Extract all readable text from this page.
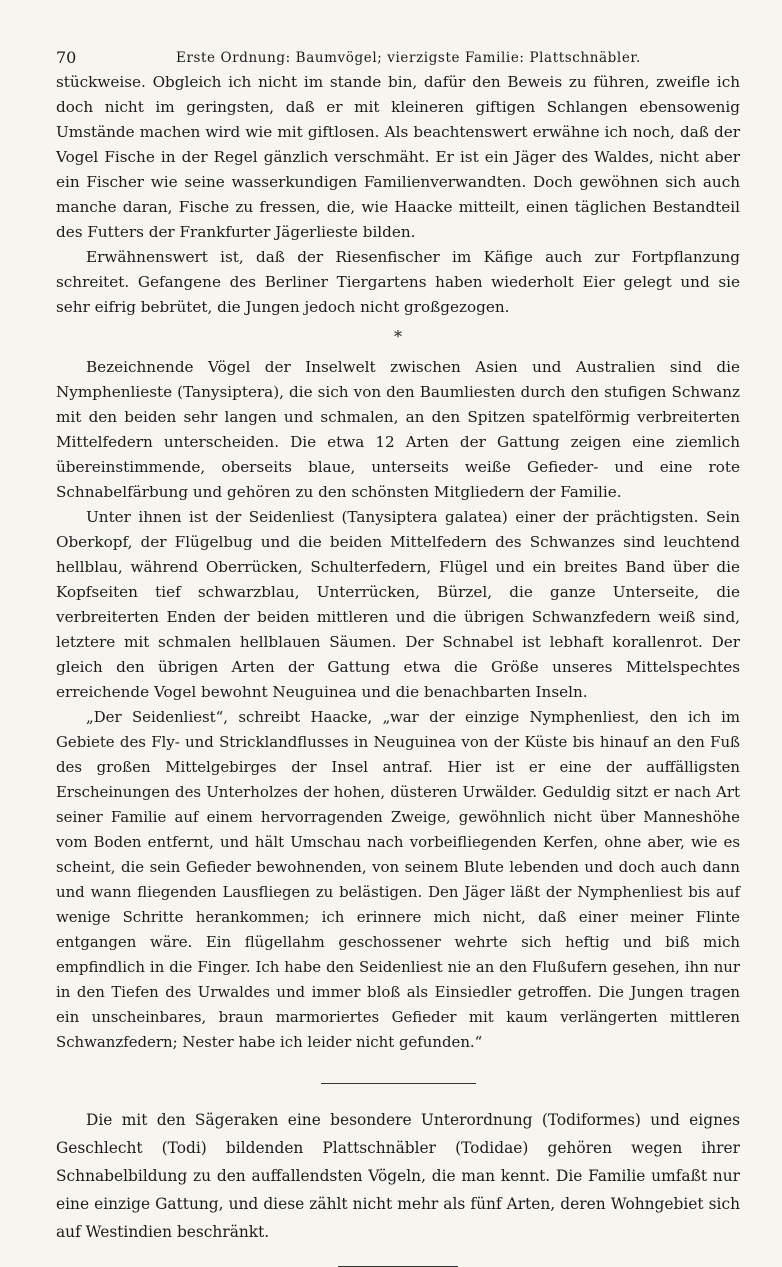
70	Erste Ordnung: Baumvögel; vierzigste Familie: Plattschnäbler.

stückweise. Obgleich ich nicht im stande bin, dafür den Beweis zu führen, zweifle ich doch nicht im geringsten, daß er mit kleineren giftigen Schlangen ebensowenig Umstände machen wird wie mit giftlosen. Als beachtenswert erwähne ich noch, daß der Vogel Fische in der Regel gänzlich verschmäht. Er ist ein Jäger des Waldes, nicht aber ein Fischer wie seine wasserkundigen Familienverwandten. Doch gewöhnen sich auch manche daran, Fische zu fressen, die, wie Haacke mitteilt, einen täglichen Bestandteil des Futters der Frankfurter Jägerlieste bilden.

Erwähnenswert ist, daß der Riesenfischer im Käfige auch zur Fortpflanzung schreitet. Gefangene des Berliner Tiergartens haben wiederholt Eier gelegt und sie sehr eifrig bebrütet, die Jungen jedoch nicht großgezogen.

*

Bezeichnende Vögel der Inselwelt zwischen Asien und Australien sind die Nymphenlieste (Tanysiptera), die sich von den Baumliesten durch den stufigen Schwanz mit den beiden sehr langen und schmalen, an den Spitzen spatelförmig verbreiterten Mittelfedern unterscheiden. Die etwa 12 Arten der Gattung zeigen eine ziemlich übereinstimmende, oberseits blaue, unterseits weiße Gefieder- und eine rote Schnabelfärbung und gehören zu den schönsten Mitgliedern der Familie.

Unter ihnen ist der Seidenliest (Tanysiptera galatea) einer der prächtigsten. Sein Oberkopf, der Flügelbug und die beiden Mittelfedern des Schwanzes sind leuchtend hellblau, während Oberrücken, Schulterfedern, Flügel und ein breites Band über die Kopfseiten tief schwarzblau, Unterrücken, Bürzel, die ganze Unterseite, die verbreiterten Enden der beiden mittleren und die übrigen Schwanzfedern weiß sind, letztere mit schmalen hellblauen Säumen. Der Schnabel ist lebhaft korallenrot. Der gleich den übrigen Arten der Gattung etwa die Größe unseres Mittelspechtes erreichende Vogel bewohnt Neuguinea und die benachbarten Inseln.

„Der Seidenliest“, schreibt Haacke, „war der einzige Nymphenliest, den ich im Gebiete des Fly- und Stricklandflusses in Neuguinea von der Küste bis hinauf an den Fuß des großen Mittelgebirges der Insel antraf. Hier ist er eine der auffälligsten Erscheinungen des Unterholzes der hohen, düsteren Urwälder. Geduldig sitzt er nach Art seiner Familie auf einem hervorragenden Zweige, gewöhnlich nicht über Manneshöhe vom Boden entfernt, und hält Umschau nach vorbeifliegenden Kerfen, ohne aber, wie es scheint, die sein Gefieder bewohnenden, von seinem Blute lebenden und doch auch dann und wann fliegenden Lausfliegen zu belästigen. Den Jäger läßt der Nymphenliest bis auf wenige Schritte herankommen; ich erinnere mich nicht, daß einer meiner Flinte entgangen wäre. Ein flügellahm geschossener wehrte sich heftig und biß mich empfindlich in die Finger. Ich habe den Seidenliest nie an den Flußufern gesehen, ihn nur in den Tiefen des Urwaldes und immer bloß als Einsiedler getroffen. Die Jungen tragen ein unscheinbares, braun marmoriertes Gefieder mit kaum verlängerten mittleren Schwanzfedern; Nester habe ich leider nicht gefunden.“

Die mit den Sägeraken eine besondere Unterordnung (Todiformes) und eignes Geschlecht (Todi) bildenden Plattschnäbler (Todidae) gehören wegen ihrer Schnabelbildung zu den auffallendsten Vögeln, die man kennt. Die Familie umfaßt nur eine einzige Gattung, und diese zählt nicht mehr als fünf Arten, deren Wohngebiet sich auf Westindien beschränkt.
